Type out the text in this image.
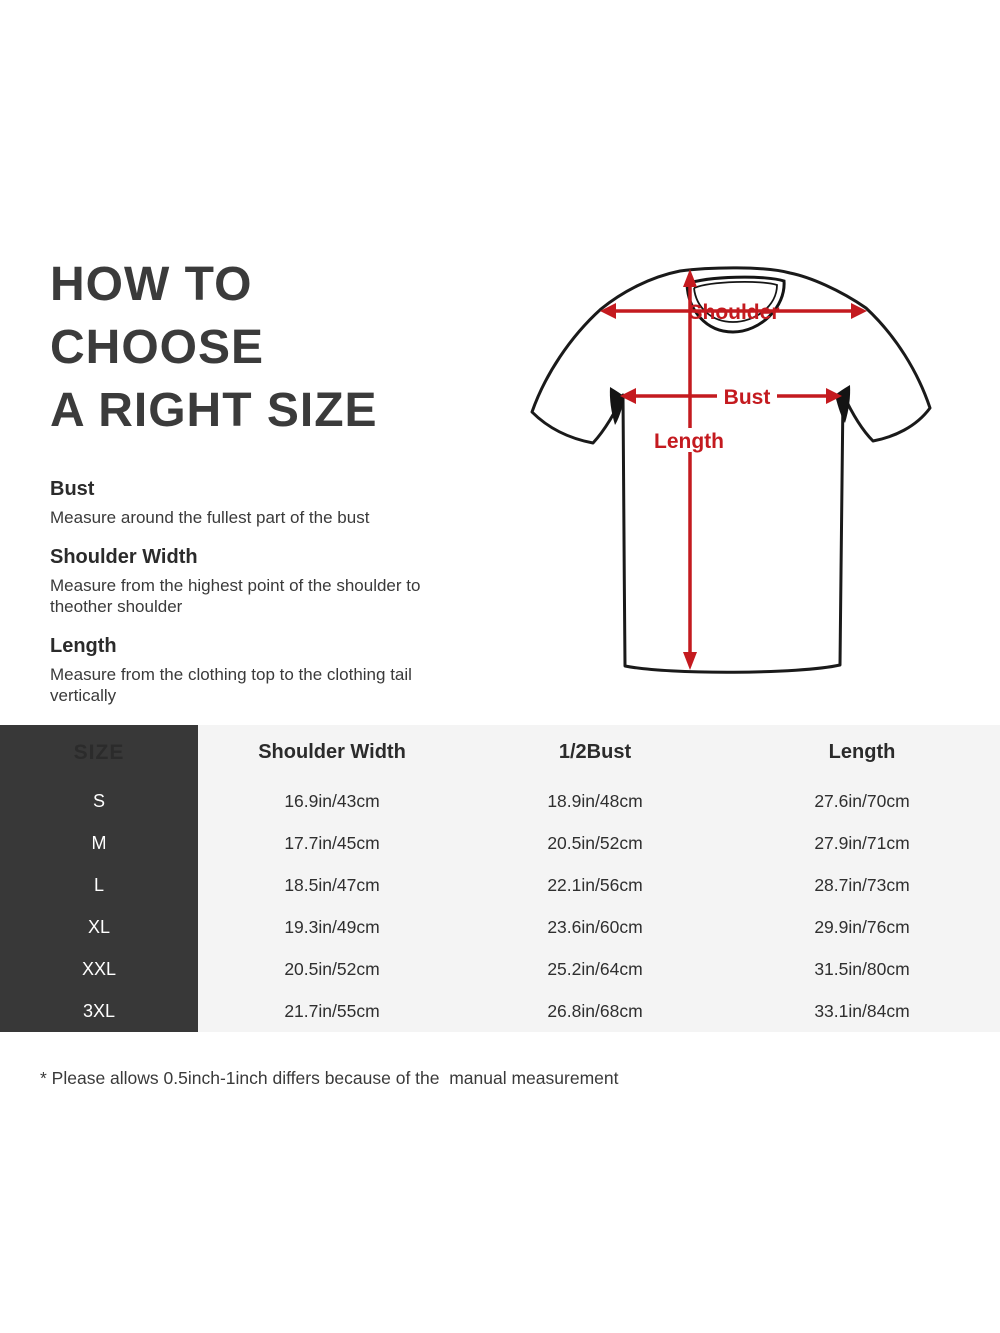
HOW TO CHOOSE
A RIGHT SIZE
Bust

Measure around the fullest part of the bust

Shoulder Width

Measure from the highest point of the shoulder to theother shoulder

Length

Measure from the clothing top to the clothing tail vertically

Shoulder
Bust
Length
SIZE	Shoulder Width	1/2Bust	Length
S	16.9in/43cm	18.9in/48cm	27.6in/70cm
M	17.7in/45cm	20.5in/52cm	27.9in/71cm
L	18.5in/47cm	22.1in/56cm	28.7in/73cm
XL	19.3in/49cm	23.6in/60cm	29.9in/76cm
XXL	20.5in/52cm	25.2in/64cm	31.5in/80cm
3XL	21.7in/55cm	26.8in/68cm	33.1in/84cm

* Please allows 0.5inch-1inch differs because of the  manual measurement
